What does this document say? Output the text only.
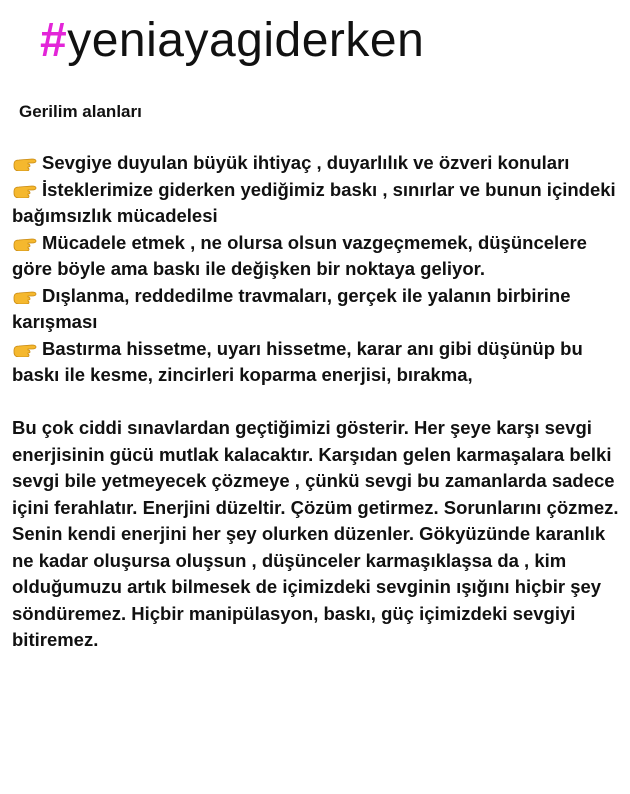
#yeniayagiderken
Gerilim alanları

Sevgiye duyulan büyük ihtiyaç , duyarlılık ve özveri konuları

İsteklerimize giderken yediğimiz baskı , sınırlar ve bunun içindeki bağımsızlık mücadelesi

Mücadele etmek , ne olursa olsun vazgeçmemek, düşüncelere göre böyle ama baskı ile değişken bir noktaya geliyor.

Dışlanma, reddedilme travmaları, gerçek ile yalanın birbirine karışması

Bastırma hissetme, uyarı hissetme, karar anı gibi düşünüp bu baskı ile kesme, zincirleri koparma enerjisi, bırakma,

Bu çok ciddi sınavlardan geçtiğimizi gösterir. Her şeye karşı sevgi enerjisinin gücü mutlak kalacaktır. Karşıdan gelen karmaşalara belki sevgi bile yetmeyecek çözmeye , çünkü sevgi bu zamanlarda sadece içini ferahlatır. Enerjini düzeltir. Çözüm getirmez. Sorunlarını çözmez. Senin kendi enerjini her şey olurken düzenler. Gökyüzünde karanlık ne kadar oluşursa oluşsun , düşünceler karmaşıklaşsa da , kim olduğumuzu artık bilmesek de içimizdeki sevginin ışığını hiçbir şey söndüremez. Hiçbir manipülasyon, baskı, güç içimizdeki sevgiyi bitiremez.
